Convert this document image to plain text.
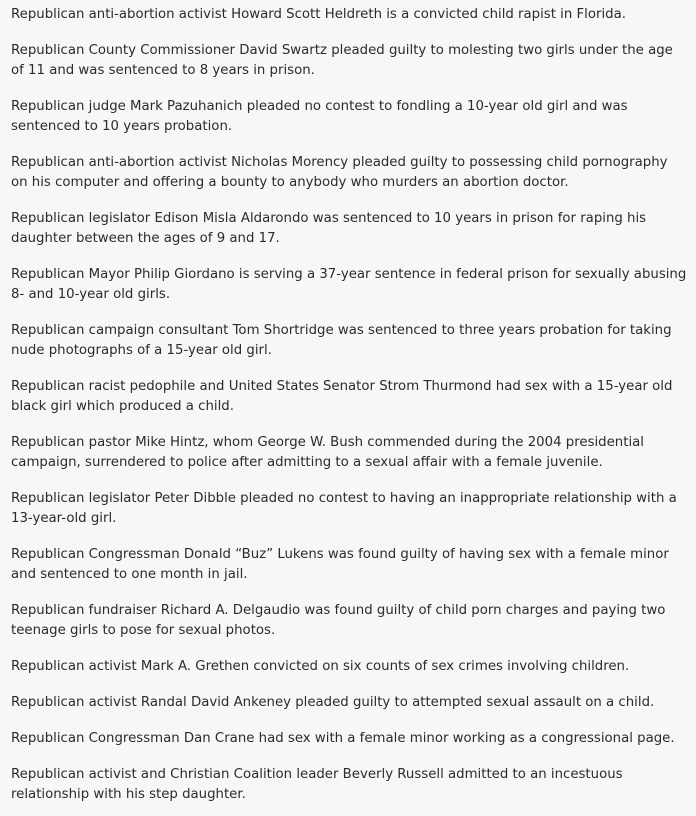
Republican anti-abortion activist Howard Scott Heldreth is a convicted child rapist in Florida.

Republican County Commissioner David Swartz pleaded guilty to molesting two girls under the age of 11 and was sentenced to 8 years in prison.

Republican judge Mark Pazuhanich pleaded no contest to fondling a 10-year old girl and was sentenced to 10 years probation.

Republican anti-abortion activist Nicholas Morency pleaded guilty to possessing child pornography on his computer and offering a bounty to anybody who murders an abortion doctor.

Republican legislator Edison Misla Aldarondo was sentenced to 10 years in prison for raping his daughter between the ages of 9 and 17.

Republican Mayor Philip Giordano is serving a 37-year sentence in federal prison for sexually abusing 8- and 10-year old girls.

Republican campaign consultant Tom Shortridge was sentenced to three years probation for taking nude photographs of a 15-year old girl.

Republican racist pedophile and United States Senator Strom Thurmond had sex with a 15-year old black girl which produced a child.

Republican pastor Mike Hintz, whom George W. Bush commended during the 2004 presidential campaign, surrendered to police after admitting to a sexual affair with a female juvenile.

Republican legislator Peter Dibble pleaded no contest to having an inappropriate relationship with a 13-year-old girl.

Republican Congressman Donald “Buz” Lukens was found guilty of having sex with a female minor and sentenced to one month in jail.

Republican fundraiser Richard A. Delgaudio was found guilty of child porn charges and paying two teenage girls to pose for sexual photos.

Republican activist Mark A. Grethen convicted on six counts of sex crimes involving children.

Republican activist Randal David Ankeney pleaded guilty to attempted sexual assault on a child.

Republican Congressman Dan Crane had sex with a female minor working as a congressional page.

Republican activist and Christian Coalition leader Beverly Russell admitted to an incestuous relationship with his step daughter.
